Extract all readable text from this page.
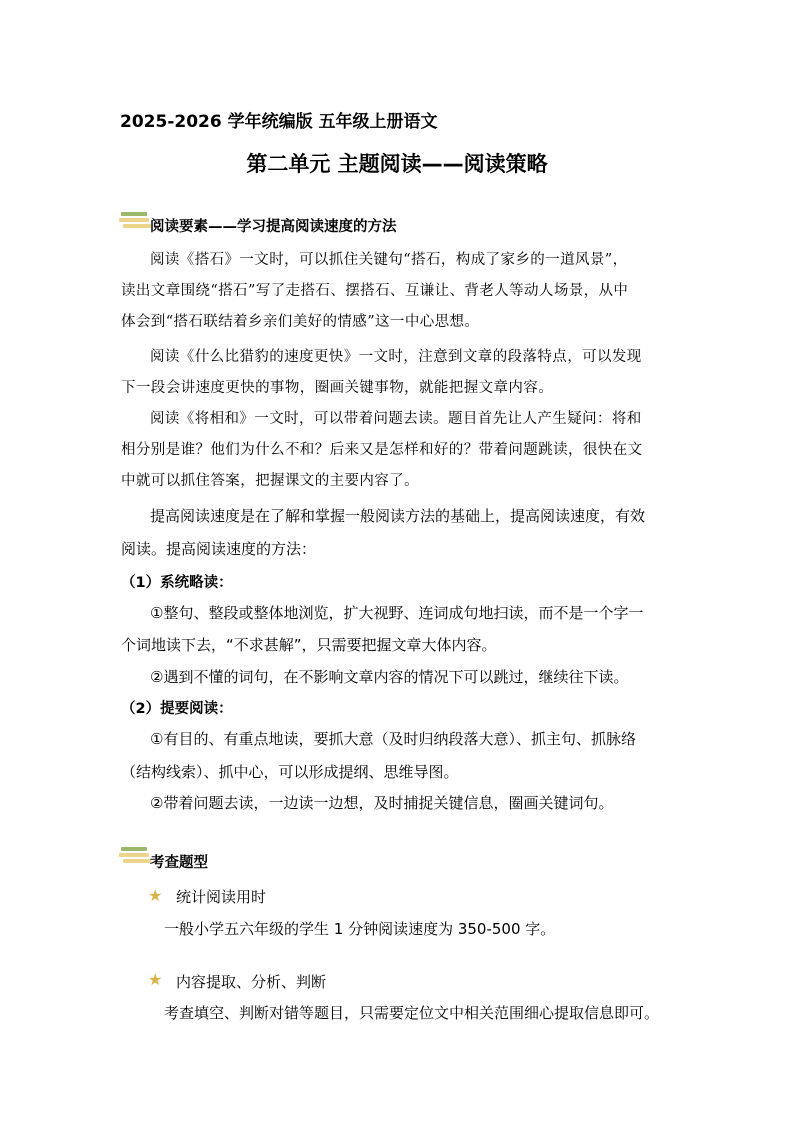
2025-2026 学年统编版 五年级上册语文
第二单元 主题阅读——阅读策略
阅读要素——学习提高阅读速度的方法
阅读《搭石》一文时，可以抓住关键句“搭石，构成了家乡的一道风景”，
读出文章围绕“搭石”写了走搭石、摆搭石、互谦让、背老人等动人场景，从中
体会到“搭石联结着乡亲们美好的情感”这一中心思想。
阅读《什么比猎豹的速度更快》一文时，注意到文章的段落特点，可以发现
下一段会讲速度更快的事物，圈画关键事物，就能把握文章内容。
阅读《将相和》一文时，可以带着问题去读。题目首先让人产生疑问：将和
相分别是谁？他们为什么不和？后来又是怎样和好的？带着问题跳读，很快在文
中就可以抓住答案，把握课文的主要内容了。
提高阅读速度是在了解和掌握一般阅读方法的基础上，提高阅读速度，有效
阅读。提高阅读速度的方法：
（1）系统略读：
①整句、整段或整体地浏览，扩大视野、连词成句地扫读，而不是一个字一
个词地读下去，“不求甚解”，只需要把握文章大体内容。
②遇到不懂的词句，在不影响文章内容的情况下可以跳过，继续往下读。
（2）提要阅读：
①有目的、有重点地读，要抓大意（及时归纳段落大意）、抓主句、抓脉络
（结构线索）、抓中心，可以形成提纲、思维导图。
②带着问题去读，一边读一边想，及时捕捉关键信息，圈画关键词句。
考查题型
★ 统计阅读用时
一般小学五六年级的学生 1 分钟阅读速度为 350-500 字。
★ 内容提取、分析、判断
考查填空、判断对错等题目，只需要定位文中相关范围细心提取信息即可。
